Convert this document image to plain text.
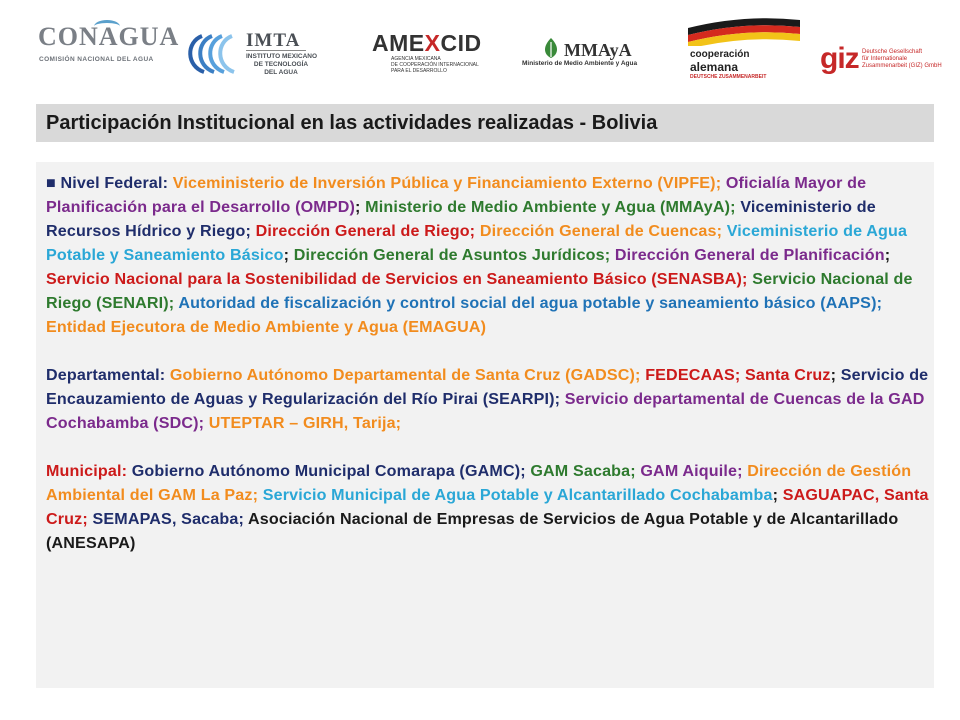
CONAGUA
COMISIÓN NACIONAL DEL AGUA
IMTA
INSTITUTO MEXICANO
DE TECNOLOGÍA
DEL AGUA
AMEXCID
AGENCIA MEXICANA
DE COOPERACIÓN INTERNACIONAL
PARA EL DESARROLLO
MMAyA
Ministerio de Medio Ambiente y Agua
cooperación
alemana
DEUTSCHE ZUSAMMENARBEIT
giz Deutsche Gesellschaft
für Internationale
Zusammenarbeit (GIZ) GmbH
Participación Institucional en las actividades realizadas - Bolivia

■ Nivel Federal: Viceministerio de Inversión Pública y Financiamiento Externo (VIPFE); Oficialía Mayor de Planificación para el Desarrollo (OMPD); Ministerio de Medio Ambiente y Agua (MMAyA); Viceministerio de Recursos Hídrico y Riego; Dirección General de Riego; Dirección General de Cuencas; Viceministerio de Agua Potable y Saneamiento Básico; Dirección General de Asuntos Jurídicos; Dirección General de Planificación; Servicio Nacional para la Sostenibilidad de Servicios en Saneamiento Básico (SENASBA); Servicio Nacional de Riego (SENARI); Autoridad de fiscalización y control social del agua potable y saneamiento básico (AAPS); Entidad Ejecutora de Medio Ambiente y Agua (EMAGUA)

Departamental: Gobierno Autónomo Departamental de Santa Cruz (GADSC); FEDECAAS; Santa Cruz; Servicio de Encauzamiento de Aguas y Regularización del Río Pirai (SEARPI); Servicio departamental de Cuencas de la GAD Cochabamba (SDC); UTEPTAR – GIRH, Tarija;

Municipal: Gobierno Autónomo Municipal Comarapa (GAMC); GAM Sacaba; GAM Aiquile; Dirección de Gestión Ambiental del GAM La Paz; Servicio Municipal de Agua Potable y Alcantarillado Cochabamba; SAGUAPAC, Santa Cruz; SEMAPAS, Sacaba; Asociación Nacional de Empresas de Servicios de Agua Potable y de Alcantarillado (ANESAPA)
